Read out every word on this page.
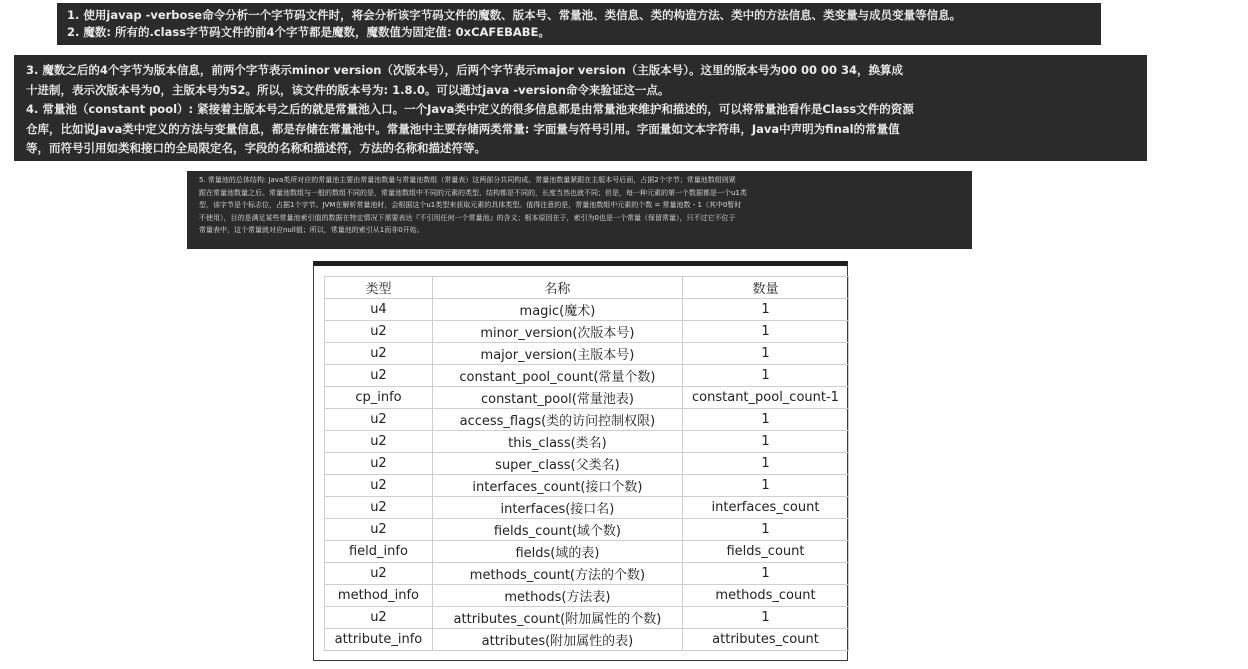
1. 使用javap -verbose命令分析一个字节码文件时，将会分析该字节码文件的魔数、版本号、常量池、类信息、类的构造方法、类中的方法信息、类变量与成员变量等信息。
2. 魔数: 所有的.class字节码文件的前4个字节都是魔数，魔数值为固定值: 0xCAFEBABE。
3. 魔数之后的4个字节为版本信息，前两个字节表示minor version（次版本号），后两个字节表示major version（主版本号）。这里的版本号为00 00 00 34，换算成
十进制，表示次版本号为0，主版本号为52。所以，该文件的版本号为: 1.8.0。可以通过java -version命令来验证这一点。
4. 常量池（constant pool）: 紧接着主版本号之后的就是常量池入口。一个Java类中定义的很多信息都是由常量池来维护和描述的，可以将常量池看作是Class文件的资源
仓库，比如说Java类中定义的方法与变量信息，都是存储在常量池中。常量池中主要存储两类常量: 字面量与符号引用。字面量如文本字符串，Java中声明为final的常量值
等，而符号引用如类和接口的全局限定名，字段的名称和描述符，方法的名称和描述符等。
5. 常量池的总体结构: Java类所对应的常量池主要由常量池数量与常量池数组（常量表）这两部分共同构成。常量池数量紧跟在主版本号后面，占据2个字节；常量池数组则紧
跟在常量池数量之后。常量池数组与一般的数组不同的是，常量池数组中不同的元素的类型、结构都是不同的，长度当然也就不同；但是，每一种元素的第一个数据都是一个u1类
型，该字节是个标志位，占据1个字节。JVM在解析常量池时，会根据这个u1类型来获取元素的具体类型。值得注意的是，常量池数组中元素的个数 = 常量池数 - 1（其中0暂时
不使用），目的是满足某些常量池索引值的数据在特定情况下需要表达『不引用任何一个常量池』的含义；根本原因在于，索引为0也是一个常量（保留常量），只不过它不位于
常量表中，这个常量就对应null值；所以，常量池的索引从1而非0开始。
类型	名称	数量
u4	magic(魔术)	1
u2	minor_version(次版本号)	1
u2	major_version(主版本号)	1
u2	constant_pool_count(常量个数)	1
cp_info	constant_pool(常量池表)	constant_pool_count-1
u2	access_flags(类的访问控制权限)	1
u2	this_class(类名)	1
u2	super_class(父类名)	1
u2	interfaces_count(接口个数)	1
u2	interfaces(接口名)	interfaces_count
u2	fields_count(域个数)	1
field_info	fields(域的表)	fields_count
u2	methods_count(方法的个数)	1
method_info	methods(方法表)	methods_count
u2	attributes_count(附加属性的个数)	1
attribute_info	attributes(附加属性的表)	attributes_count
